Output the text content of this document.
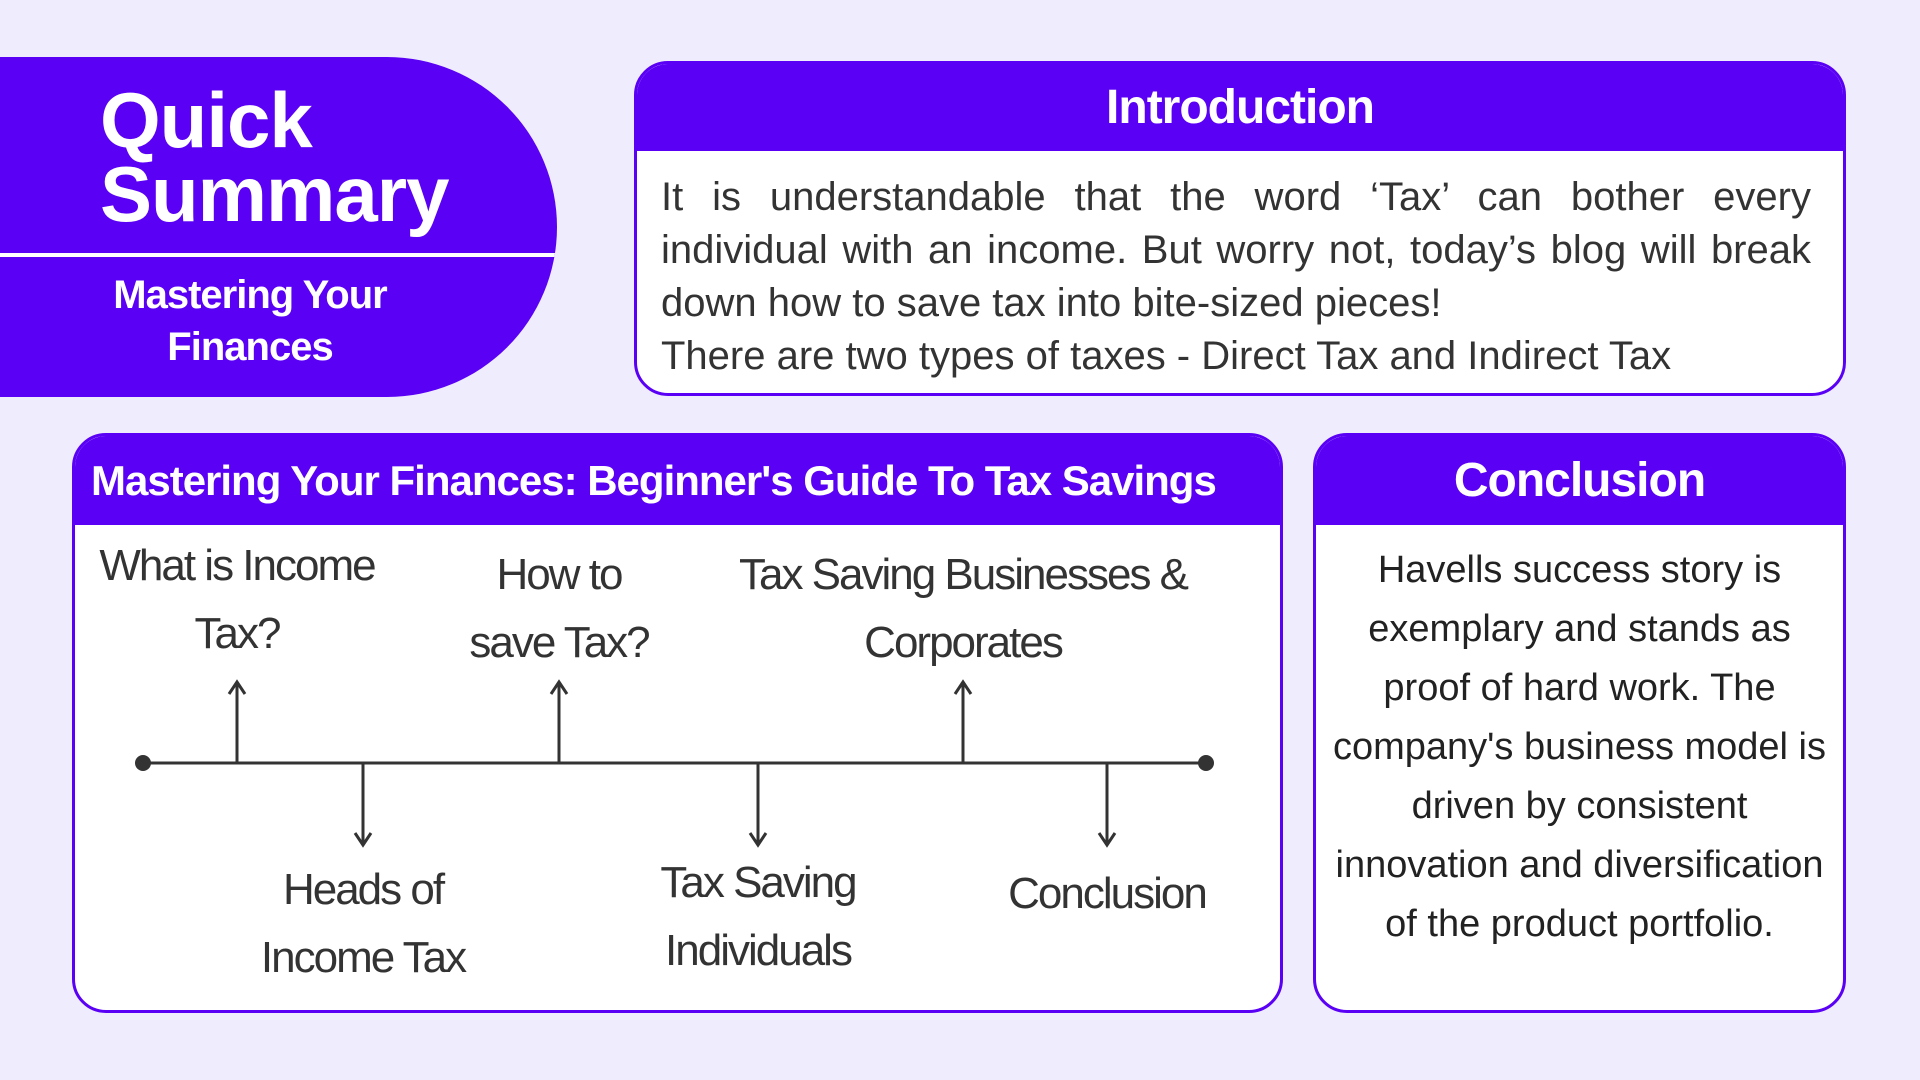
Quick
Summary
Mastering Your
Finances
Introduction
It is understandable that the word ‘Tax’ can bother every individual with an income. But worry not, today’s blog will break down how to save tax into bite-sized pieces!
There are two types of taxes - Direct Tax and Indirect Tax
Mastering Your Finances: Beginner's Guide To Tax Savings
What is Income
Tax?
How to
save Tax?
Tax Saving Businesses &
Corporates
Heads of
Income Tax
Tax Saving
Individuals
Conclusion
Conclusion
Havells success story is exemplary and stands as proof of hard work. The company's business model is driven by consistent innovation and diversification of the product portfolio.
